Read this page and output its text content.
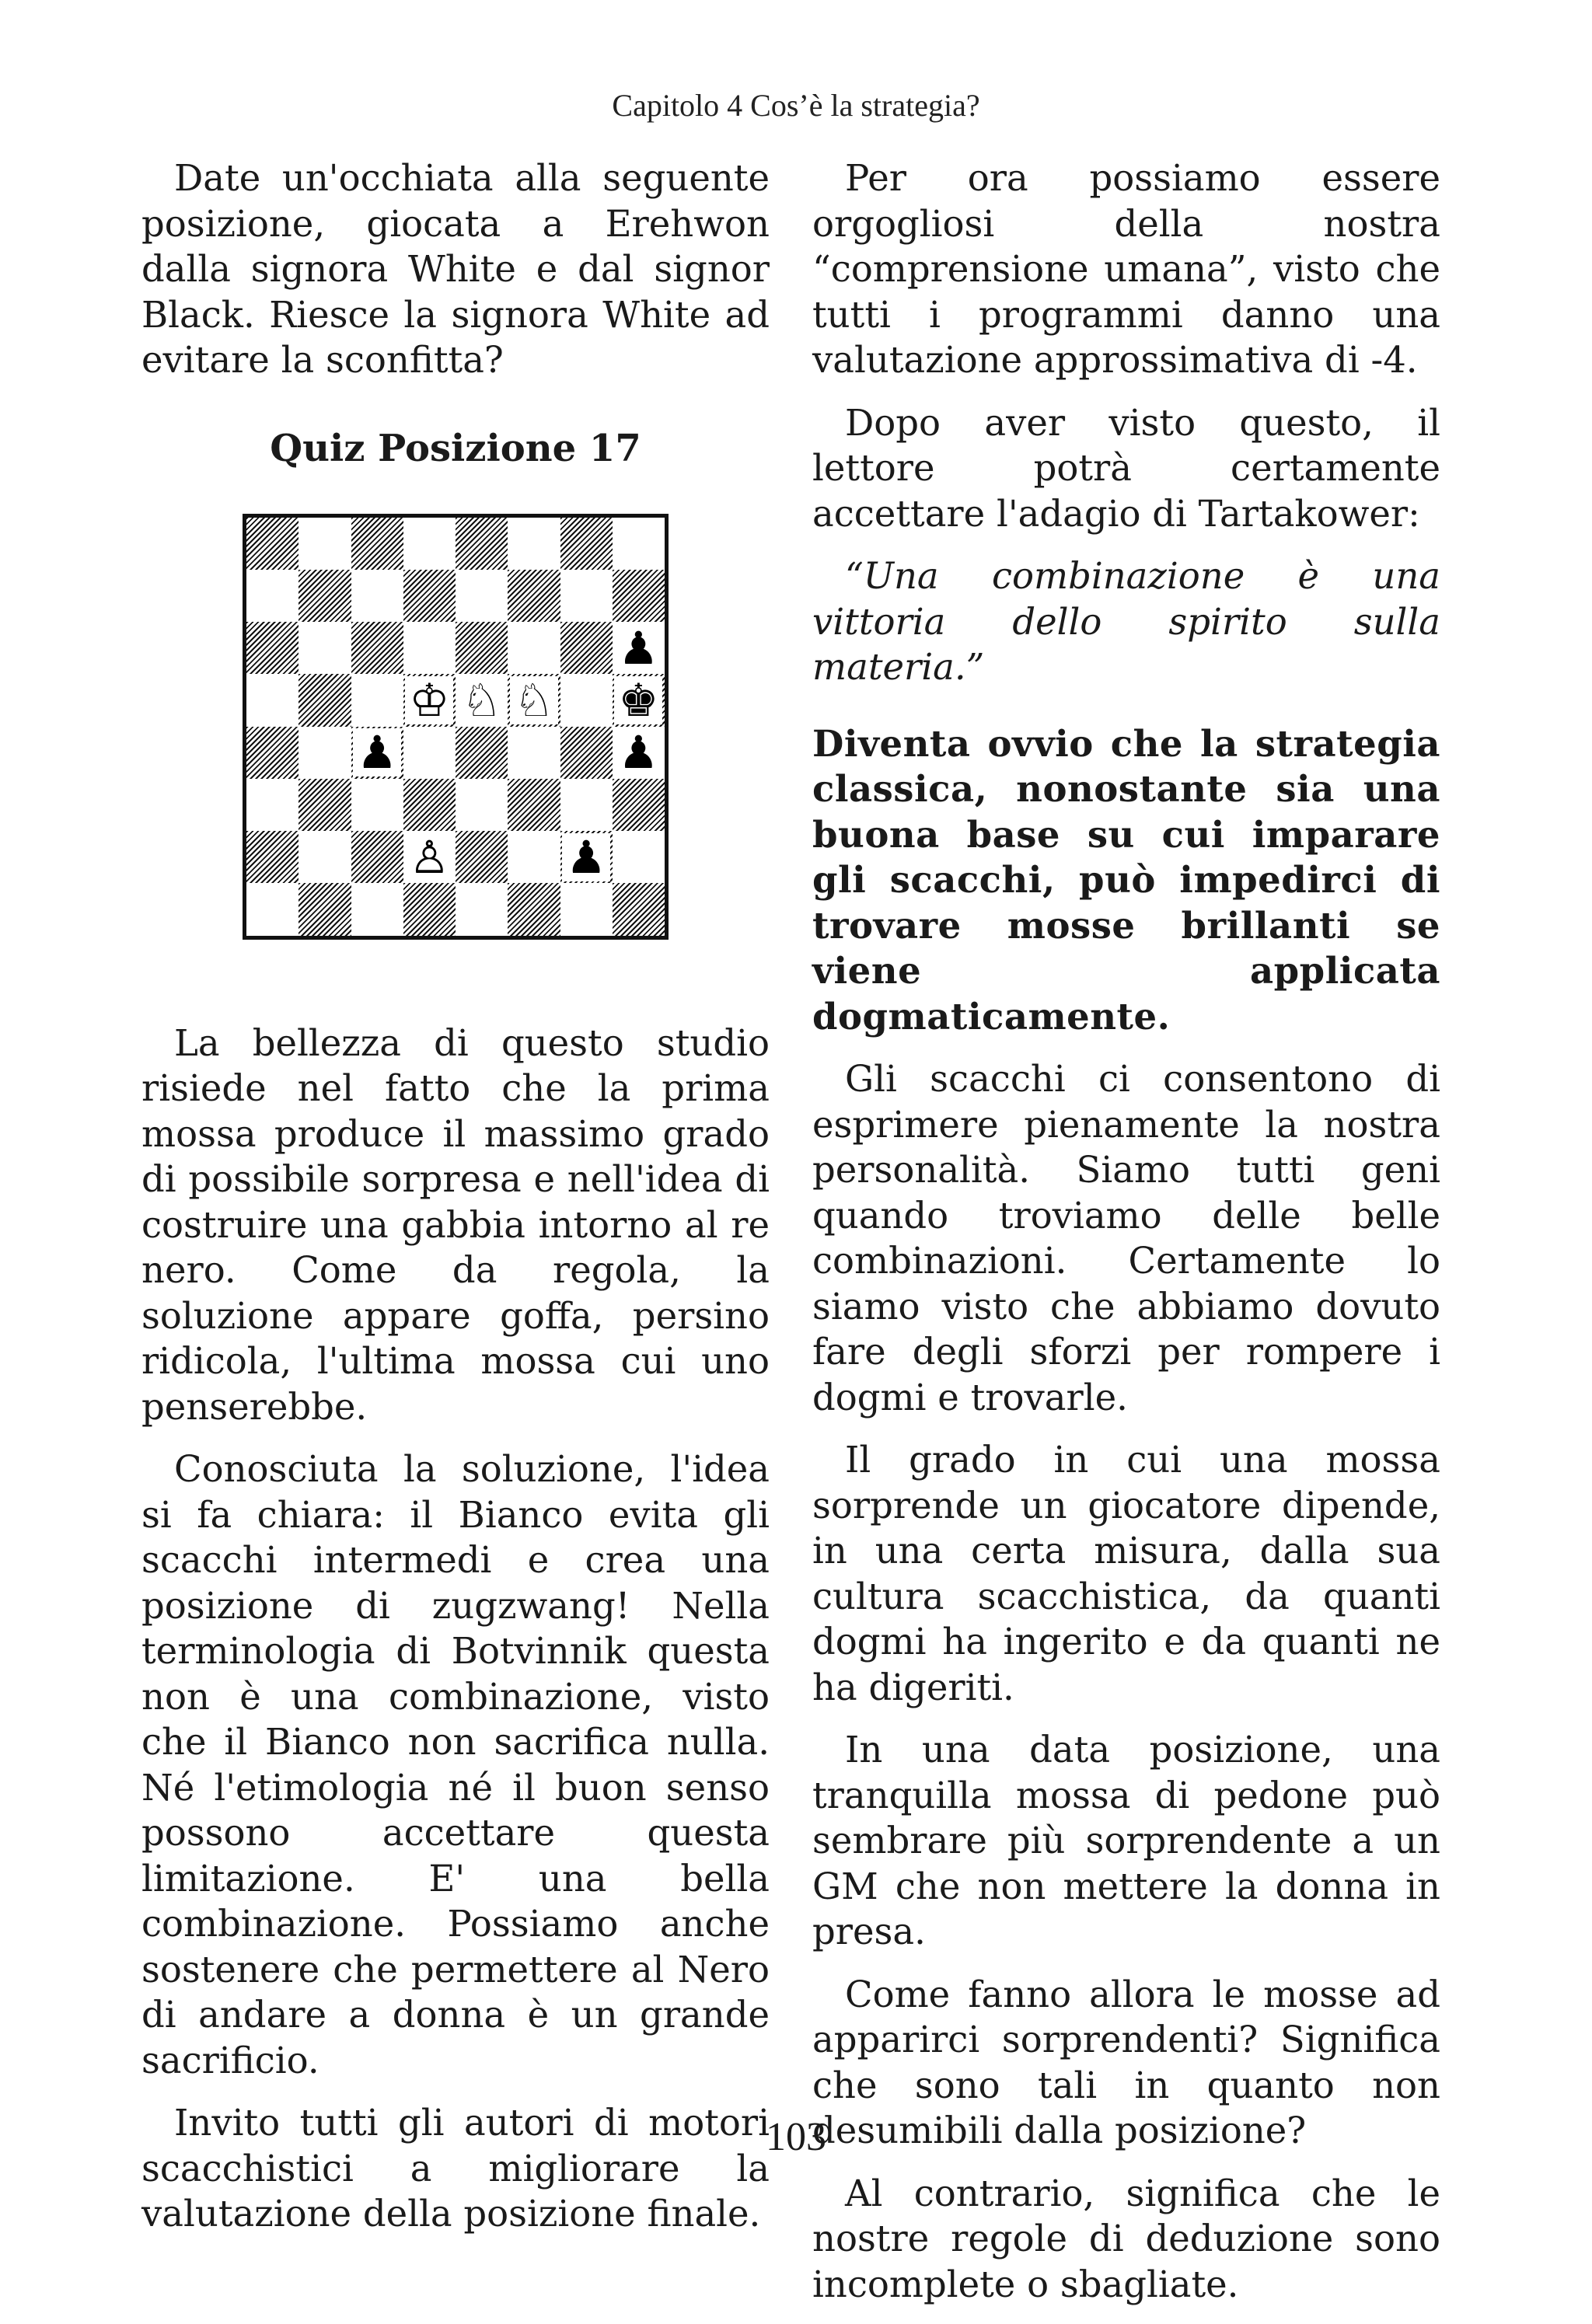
Capitolo 4 Cos’è la strategia?

Date un'occhiata alla seguente posizione, giocata a Erehwon dalla signora White e dal signor Black. Riesce la signora White ad evitare la sconfitta?

Quiz Posizione 17
♟
♔ ♘ ♘ ♚
♟	♟
♙	♟

La bellezza di questo studio risiede nel fatto che la prima mossa produce il massimo grado di possibile sorpresa e nell'idea di costruire una gabbia intorno al re nero. Come da regola, la soluzione appare goffa, persino ridicola, l'ultima mossa cui uno penserebbe.

Conosciuta la soluzione, l'idea si fa chiara: il Bianco evita gli scacchi intermedi e crea una posizione di zugzwang! Nella terminologia di Botvinnik questa non è una combinazione, visto che il Bianco non sacrifica nulla. Né l'etimologia né il buon senso possono accettare questa limitazione. E' una bella combinazione. Possiamo anche sostenere che permettere al Nero di andare a donna è un grande sacrificio.

Invito tutti gli autori di motori scacchistici a migliorare la valutazione della posizione finale.

Per ora possiamo essere orgogliosi della nostra “comprensione umana”, visto che tutti i programmi danno una valutazione approssimativa di -4.

Dopo aver visto questo, il lettore potrà certamente accettare l'adagio di Tartakower:

“Una combinazione è una vittoria dello spirito sulla materia.”

Diventa ovvio che la strategia classica, nonostante sia una buona base su cui imparare gli scacchi, può impedirci di trovare mosse brillanti se viene applicata dogmaticamente.

Gli scacchi ci consentono di esprimere pienamente la nostra personalità. Siamo tutti geni quando troviamo delle belle combinazioni. Certamente lo siamo visto che abbiamo dovuto fare degli sforzi per rompere i dogmi e trovarle.

Il grado in cui una mossa sorprende un giocatore dipende, in una certa misura, dalla sua cultura scacchistica, da quanti dogmi ha ingerito e da quanti ne ha digeriti.

In una data posizione, una tranquilla mossa di pedone può sembrare più sorprendente a un GM che non mettere la donna in presa.

Come fanno allora le mosse ad apparirci sorprendenti? Significa che sono tali in quanto non desumibili dalla posizione?

Al contrario, significa che le nostre regole di deduzione sono incomplete o sbagliate.

103
